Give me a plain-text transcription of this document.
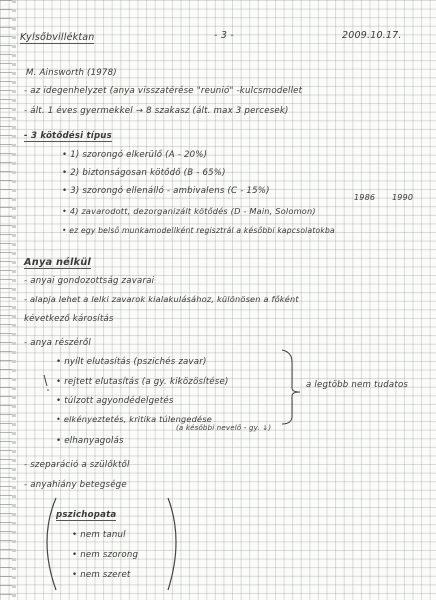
Kylsőbvilléktan	- 3 -	2009.10.17.
M. Ainsworth (1978)
- az idegenhelyzet (anya vissza​térése "reunió" -kulcsmodellet
- ált. 1 éves gyermekkel → 8 szakasz (ált. max 3 percesek)
- 3 kötődési típus
• 1) szorongó elkerülő (A - 20%)
• 2) biztonságosan kötődő (B - 65%)
• 3) szorongó ellenálló - ambivalens (C - 15%)
1986 1990
• 4) zavarodott, dezorganizált kötődés (D - Main, Solomon)
• ez egy belső munkamodellként regisztrál a későbbi kapcsolatokba
Anya nélkül
- anyai gondozottság zavarai
- alapja lehet a lelki zavarok kialakulásához, különösen a főként
kévetkező károsítás
- anya részéről
• nyílt elutasítás (pszichés zavar)
• rejtett elutasítás (a gy. kiközösítése)
• túlzott agyondédelgetés
• elkényeztetés, kritika túlengedése
(a későbbi nevelő - gy. ↓)
• elhanyagolás
a legtöbb nem tudatos
- szeparáció a szülőktől
- anyahiány betegsége
pszichopata
• nem tanul
• nem szorong
• nem szeret
